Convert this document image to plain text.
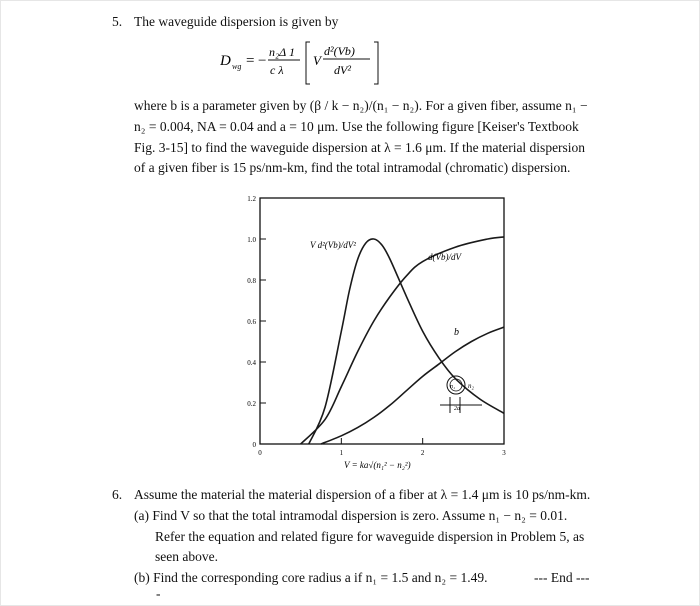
5. The waveguide dispersion is given by
D wg = −
n₂Δ 1
c λ
V
d²(Vb)
dV²
where b is a parameter given by (β / k − n₂)/(n₁ − n₂). For a given fiber, assume n₁ −
n₂ = 0.004, NA = 0.04 and a = 10 μm. Use the following figure [Keiser's Textbook
Fig. 3-15] to find the waveguide dispersion at λ = 1.6 μm. If the material dispersion
of a given fiber is 15 ps/nm-km, find the total intramodal (chromatic) dispersion.
0
0.2
0.4
0.6
0.8
1.0
1.2
0	1	2	3
V d²(Vb)/dV²
d(Vb)/dV
b
n₁ n₂
2a
V = ka√(n₁² − n₂²)
6. Assume the material the material dispersion of a fiber at λ = 1.4 μm is 10 ps/nm-km.
(a) Find V so that the total intramodal dispersion is zero. Assume n₁ − n₂ = 0.01.
Refer the equation and related figure for waveguide dispersion in Problem 5, as
seen above.
(b) Find the corresponding core radius a if n₁ = 1.5 and n₂ = 1.49.	--- End ---
-
